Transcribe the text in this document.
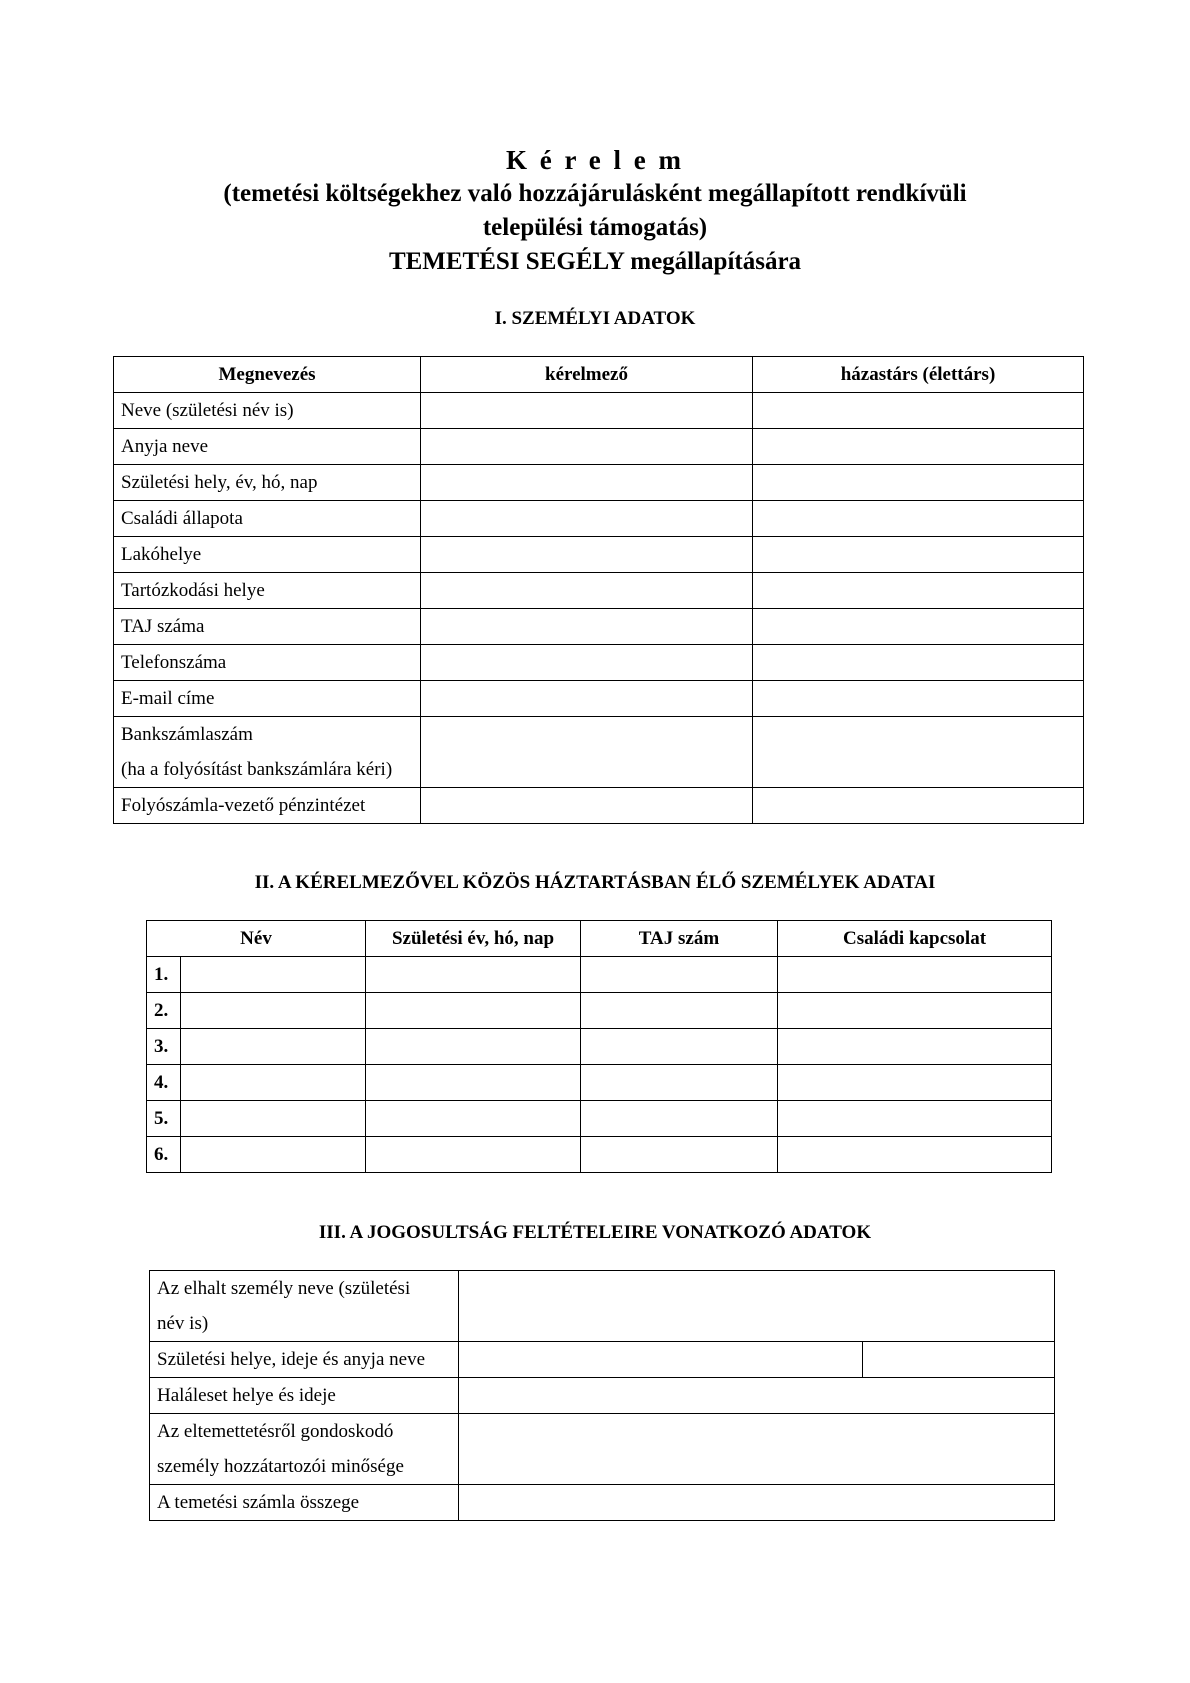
K é r e l e m

(temetési költségekhez való hozzájárulásként megállapított rendkívüli

települési támogatás)

TEMETÉSI SEGÉLY megállapítására

I. SZEMÉLYI ADATOK

Megnevezés	kérelmező	házastárs (élettárs)
Neve (születési név is)		
Anyja neve		
Születési hely, év, hó, nap		
Családi állapota		
Lakóhelye		
Tartózkodási helye		
TAJ száma		
Telefonszáma		
E-mail címe		

Bankszámlaszám
(ha a folyósítást bankszámlára kéri)		

Folyószámla-vezető pénzintézet		

II. A KÉRELMEZŐVEL KÖZÖS HÁZTARTÁSBAN ÉLŐ SZEMÉLYEK ADATAI

Név		Születési év, hó, nap	TAJ szám	Családi kapcsolat
1.				
2.				
3.				
4.				
5.				
6.				

III. A JOGOSULTSÁG FELTÉTELEIRE VONATKOZÓ ADATOK

Az elhalt személy neve (születési
név is)		

Születési helye, ideje és anyja neve		
Haláleset helye és ideje		

Az eltemettetésről gondoskodó
személy hozzátartozói minősége		

A temetési számla összege		
